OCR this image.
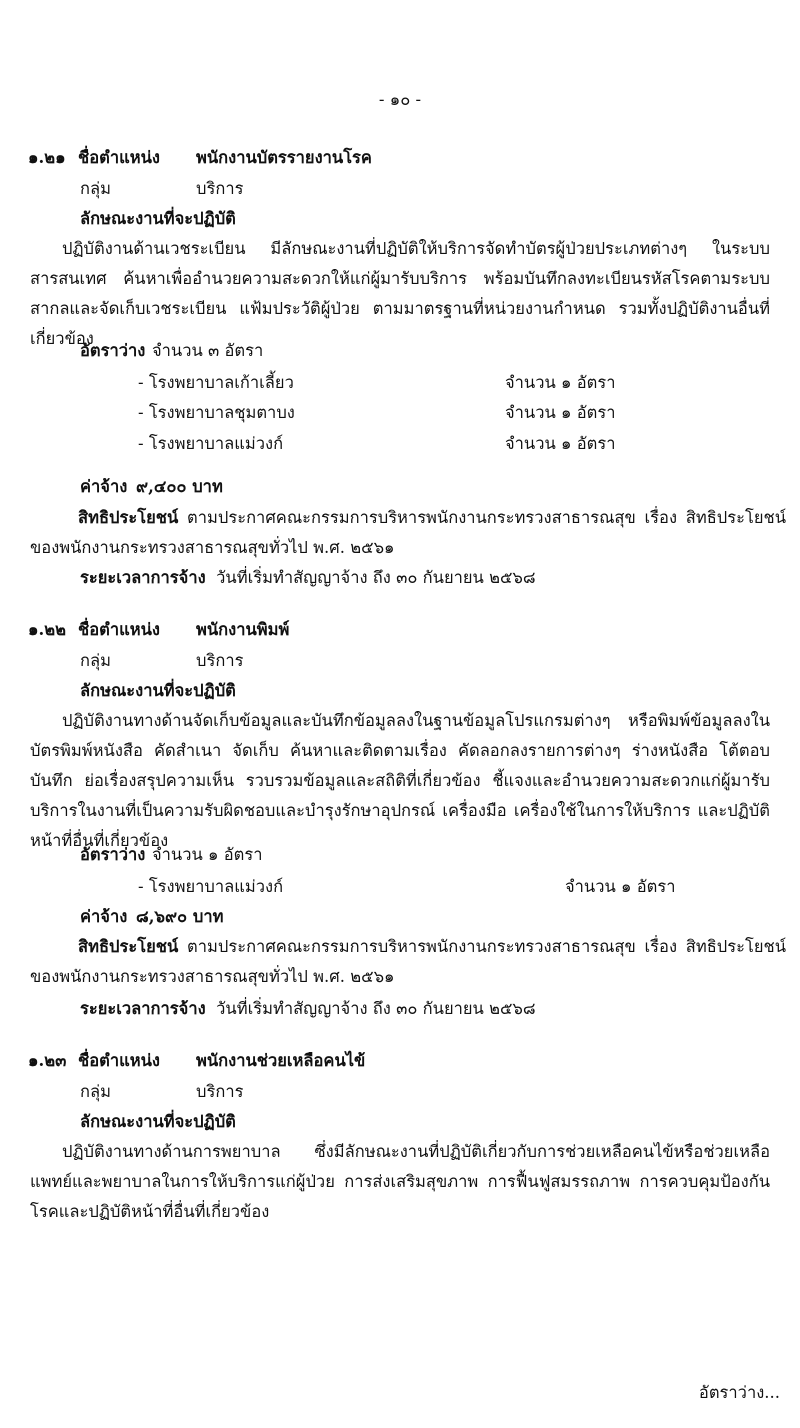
- ๑๐ -
๑.๒๑ ชื่อตำแหน่ง พนักงานบัตรรายงานโรค
กลุ่ม	บริการ
ลักษณะงานที่จะปฏิบัติ
ปฏิบัติงานด้านเวชระเบียน มีลักษณะงานที่ปฏิบัติให้บริการจัดทำบัตรผู้ป่วยประเภทต่างๆ ในระบบสารสนเทศ ค้นหาเพื่ออำนวยความสะดวกให้แก่ผู้มารับบริการ พร้อมบันทึกลงทะเบียนรหัสโรคตามระบบสากลและจัดเก็บเวชระเบียน แฟ้มประวัติผู้ป่วย ตามมาตรฐานที่หน่วยงานกำหนด รวมทั้งปฏิบัติงานอื่นที่เกี่ยวข้อง
อัตราว่าง จำนวน ๓ อัตรา
- โรงพยาบาลเก้าเลี้ยว	จำนวน ๑ อัตรา
- โรงพยาบาลชุมตาบง	จำนวน ๑ อัตรา
- โรงพยาบาลแม่วงก์	จำนวน ๑ อัตรา
ค่าจ้าง ๙,๔๐๐ บาท
สิทธิประโยชน์ ตามประกาศคณะกรรมการบริหารพนักงานกระทรวงสาธารณสุข เรื่อง สิทธิประโยชน์ของพนักงานกระทรวงสาธารณสุขทั่วไป พ.ศ. ๒๕๖๑
ระยะเวลาการจ้าง วันที่เริ่มทำสัญญาจ้าง ถึง ๓๐ กันยายน ๒๕๖๘
๑.๒๒ ชื่อตำแหน่ง พนักงานพิมพ์
กลุ่ม	บริการ
ลักษณะงานที่จะปฏิบัติ
ปฏิบัติงานทางด้านจัดเก็บข้อมูลและบันทึกข้อมูลลงในฐานข้อมูลโปรแกรมต่างๆ หรือพิมพ์ข้อมูลลงในบัตรพิมพ์หนังสือ คัดสำเนา จัดเก็บ ค้นหาและติดตามเรื่อง คัดลอกลงรายการต่างๆ ร่างหนังสือ โต้ตอบ บันทึก ย่อเรื่องสรุปความเห็น รวบรวมข้อมูลและสถิติที่เกี่ยวข้อง ชี้แจงและอำนวยความสะดวกแก่ผู้มารับบริการในงานที่เป็นความรับผิดชอบและบำรุงรักษาอุปกรณ์ เครื่องมือ เครื่องใช้ในการให้บริการ และปฏิบัติหน้าที่อื่นที่เกี่ยวข้อง
อัตราว่าง จำนวน ๑ อัตรา
- โรงพยาบาลแม่วงก์	จำนวน ๑ อัตรา
ค่าจ้าง ๘,๖๙๐ บาท
สิทธิประโยชน์ ตามประกาศคณะกรรมการบริหารพนักงานกระทรวงสาธารณสุข เรื่อง สิทธิประโยชน์ของพนักงานกระทรวงสาธารณสุขทั่วไป พ.ศ. ๒๕๖๑
ระยะเวลาการจ้าง วันที่เริ่มทำสัญญาจ้าง ถึง ๓๐ กันยายน ๒๕๖๘
๑.๒๓ ชื่อตำแหน่ง พนักงานช่วยเหลือคนไข้
กลุ่ม	บริการ
ลักษณะงานที่จะปฏิบัติ
ปฏิบัติงานทางด้านการพยาบาล ซึ่งมีลักษณะงานที่ปฏิบัติเกี่ยวกับการช่วยเหลือคนไข้หรือช่วยเหลือแพทย์และพยาบาลในการให้บริการแก่ผู้ป่วย การส่งเสริมสุขภาพ การฟื้นฟูสมรรถภาพ การควบคุมป้องกันโรคและปฏิบัติหน้าที่อื่นที่เกี่ยวข้อง
อัตราว่าง...
